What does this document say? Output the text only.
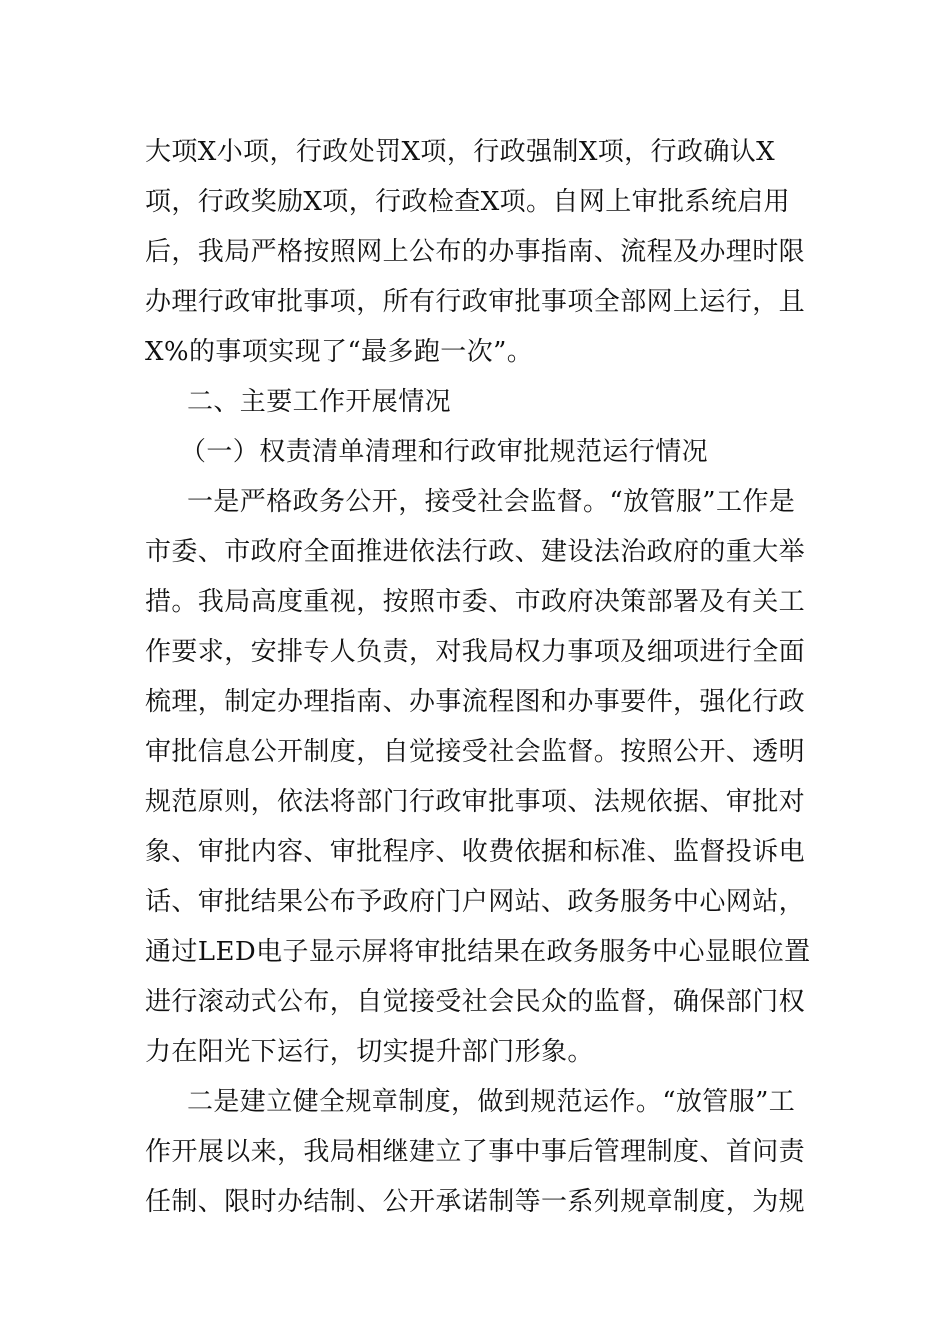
大项X小项，行政处罚X项，行政强制X项，行政确认X
项，行政奖励X项，行政检查X项。自网上审批系统启用
后，我局严格按照网上公布的办事指南、流程及办理时限
办理行政审批事项，所有行政审批事项全部网上运行，且
X%的事项实现了“最多跑一次”。
二、主要工作开展情况
（一）权责清单清理和行政审批规范运行情况
一是严格政务公开，接受社会监督。“放管服”工作是
市委、市政府全面推进依法行政、建设法治政府的重大举
措。我局高度重视，按照市委、市政府决策部署及有关工
作要求，安排专人负责，对我局权力事项及细项进行全面
梳理，制定办理指南、办事流程图和办事要件，强化行政
审批信息公开制度，自觉接受社会监督。按照公开、透明
规范原则，依法将部门行政审批事项、法规依据、审批对
象、审批内容、审批程序、收费依据和标准、监督投诉电
话、审批结果公布予政府门户网站、政务服务中心网站，
通过LED电子显示屏将审批结果在政务服务中心显眼位置
进行滚动式公布，自觉接受社会民众的监督，确保部门权
力在阳光下运行，切实提升部门形象。
二是建立健全规章制度，做到规范运作。“放管服”工
作开展以来，我局相继建立了事中事后管理制度、首问责
任制、限时办结制、公开承诺制等一系列规章制度，为规
